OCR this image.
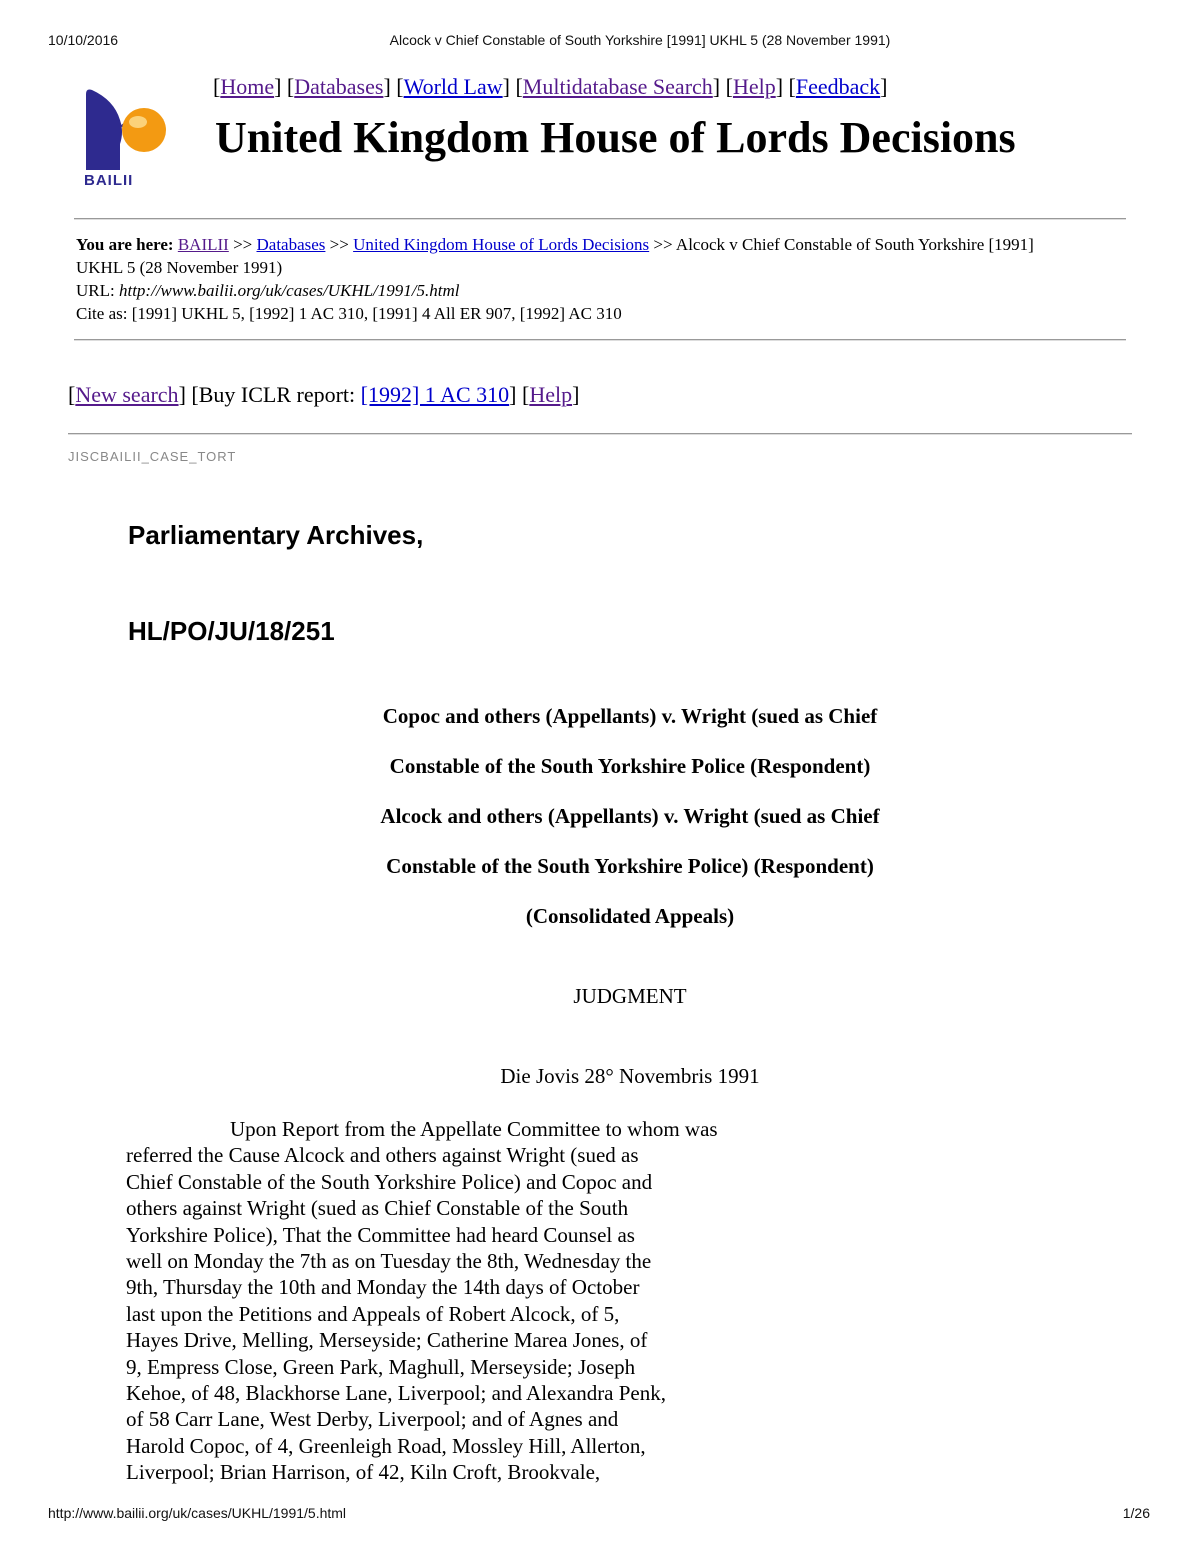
10/10/2016	Alcock v Chief Constable of South Yorkshire [1991] UKHL 5 (28 November 1991)
BAILII
[Home] [Databases] [World Law] [Multidatabase Search] [Help] [Feedback]
United Kingdom House of Lords Decisions
You are here: BAILII >> Databases >> United Kingdom House of Lords Decisions >> Alcock v Chief Constable of South Yorkshire [1991] UKHL 5 (28 November 1991)
URL: http://www.bailii.org/uk/cases/UKHL/1991/5.html
Cite as: [1991] UKHL 5, [1992] 1 AC 310, [1991] 4 All ER 907, [1992] AC 310
[New search] [Buy ICLR report: [1992] 1 AC 310] [Help]
JISCBAILII_CASE_TORT
Parliamentary Archives,
HL/PO/JU/18/251
Copoc and others (Appellants) v. Wright (sued as Chief
Constable of the South Yorkshire Police (Respondent)
Alcock and others (Appellants) v. Wright (sued as Chief
Constable of the South Yorkshire Police) (Respondent)
(Consolidated Appeals)
JUDGMENT
Die Jovis 28° Novembris 1991
Upon Report from the Appellate Committee to whom was
referred the Cause Alcock and others against Wright (sued as
Chief Constable of the South Yorkshire Police) and Copoc and
others against Wright (sued as Chief Constable of the South
Yorkshire Police), That the Committee had heard Counsel as
well on Monday the 7th as on Tuesday the 8th, Wednesday the
9th, Thursday the 10th and Monday the 14th days of October
last upon the Petitions and Appeals of Robert Alcock, of 5,
Hayes Drive, Melling, Merseyside; Catherine Marea Jones, of
9, Empress Close, Green Park, Maghull, Merseyside; Joseph
Kehoe, of 48, Blackhorse Lane, Liverpool; and Alexandra Penk,
of 58 Carr Lane, West Derby, Liverpool; and of Agnes and
Harold Copoc, of 4, Greenleigh Road, Mossley Hill, Allerton,
Liverpool; Brian Harrison, of 42, Kiln Croft, Brookvale,
http://www.bailii.org/uk/cases/UKHL/1991/5.html	1/26
